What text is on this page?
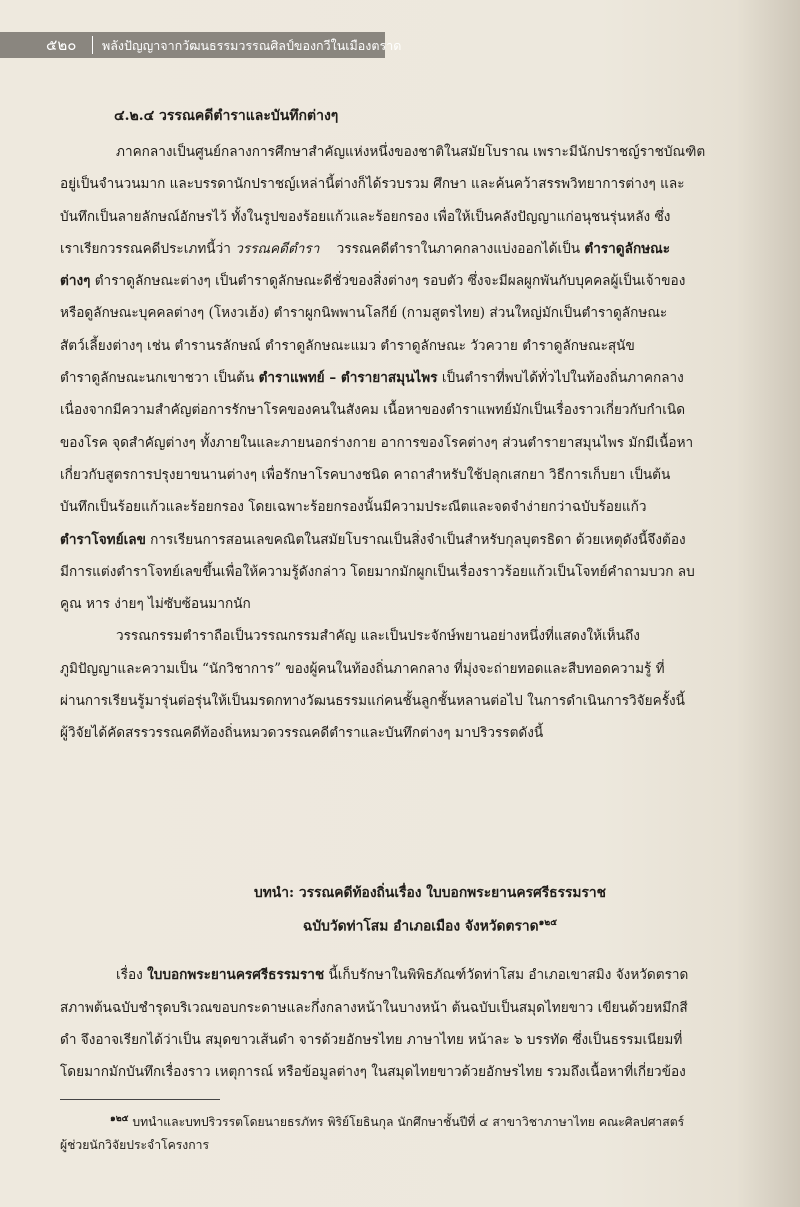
๕๒๐ พลังปัญญาจากวัฒนธรรมวรรณศิลป์ของกวีในเมืองตราด
๔.๒.๔ วรรณคดีตำราและบันทึกต่างๆ
ภาคกลางเป็นศูนย์กลางการศึกษาสำคัญแห่งหนึ่งของชาติในสมัยโบราณ เพราะมีนักปราชญ์ราชบัณฑิต
อยู่เป็นจำนวนมาก และบรรดานักปราชญ์เหล่านี้ต่างก็ได้รวบรวม ศึกษา และค้นคว้าสรรพวิทยาการต่างๆ และ
บันทึกเป็นลายลักษณ์อักษรไว้ ทั้งในรูปของร้อยแก้วและร้อยกรอง เพื่อให้เป็นคลังปัญญาแก่อนุชนรุ่นหลัง ซึ่ง
เราเรียกวรรณคดีประเภทนี้ว่า วรรณคดีตำรา    วรรณคดีตำราในภาคกลางแบ่งออกได้เป็น ตำราดูลักษณะ
ต่างๆ ตำราดูลักษณะต่างๆ เป็นตำราดูลักษณะดีชั่วของสิ่งต่างๆ รอบตัว ซึ่งจะมีผลผูกพันกับบุคคลผู้เป็นเจ้าของ
หรือดูลักษณะบุคคลต่างๆ (โหงวเฮ้ง) ตำราผูกนิพพานโลกีย์ (กามสูตรไทย) ส่วนใหญ่มักเป็นตำราดูลักษณะ
สัตว์เลี้ยงต่างๆ เช่น ตำรานรลักษณ์ ตำราดูลักษณะแมว ตำราดูลักษณะ วัวควาย ตำราดูลักษณะสุนัข
ตำราดูลักษณะนกเขาชวา เป็นต้น ตำราแพทย์ – ตำรายาสมุนไพร เป็นตำราที่พบได้ทั่วไปในท้องถิ่นภาคกลาง
เนื่องจากมีความสำคัญต่อการรักษาโรคของคนในสังคม เนื้อหาของตำราแพทย์มักเป็นเรื่องราวเกี่ยวกับกำเนิด
ของโรค จุดสำคัญต่างๆ ทั้งภายในและภายนอกร่างกาย อาการของโรคต่างๆ ส่วนตำรายาสมุนไพร มักมีเนื้อหา
เกี่ยวกับสูตรการปรุงยาขนานต่างๆ เพื่อรักษาโรคบางชนิด คาถาสำหรับใช้ปลุกเสกยา วิธีการเก็บยา เป็นต้น
บันทึกเป็นร้อยแก้วและร้อยกรอง โดยเฉพาะร้อยกรองนั้นมีความประณีตและจดจำง่ายกว่าฉบับร้อยแก้ว
ตำราโจทย์เลข การเรียนการสอนเลขคณิตในสมัยโบราณเป็นสิ่งจำเป็นสำหรับกุลบุตรธิดา ด้วยเหตุดังนี้จึงต้อง
มีการแต่งตำราโจทย์เลขขึ้นเพื่อให้ความรู้ดังกล่าว โดยมากมักผูกเป็นเรื่องราวร้อยแก้วเป็นโจทย์คำถามบวก ลบ
คูณ หาร ง่ายๆ ไม่ซับซ้อนมากนัก
วรรณกรรมตำราถือเป็นวรรณกรรมสำคัญ และเป็นประจักษ์พยานอย่างหนึ่งที่แสดงให้เห็นถึง
ภูมิปัญญาและความเป็น “นักวิชาการ” ของผู้คนในท้องถิ่นภาคกลาง ที่มุ่งจะถ่ายทอดและสืบทอดความรู้ ที่
ผ่านการเรียนรู้มารุ่นต่อรุ่นให้เป็นมรดกทางวัฒนธรรมแก่คนชั้นลูกชั้นหลานต่อไป ในการดำเนินการวิจัยครั้งนี้
ผู้วิจัยได้คัดสรรวรรณคดีท้องถิ่นหมวดวรรณคดีตำราและบันทึกต่างๆ มาปริวรรตดังนี้
บทนำ: วรรณคดีท้องถิ่นเรื่อง ใบบอกพระยานครศรีธรรมราช
ฉบับวัดท่าโสม อำเภอเมือง จังหวัดตราด$^{๑๒๕}$
เรื่อง ใบบอกพระยานครศรีธรรมราช นี้เก็บรักษาในพิพิธภัณฑ์วัดท่าโสม อำเภอเขาสมิง จังหวัดตราด
สภาพต้นฉบับชำรุดบริเวณขอบกระดาษและกึ่งกลางหน้าในบางหน้า ต้นฉบับเป็นสมุดไทยขาว เขียนด้วยหมึกสี
ดำ จึงอาจเรียกได้ว่าเป็น สมุดขาวเส้นดำ จารด้วยอักษรไทย ภาษาไทย หน้าละ ๖ บรรทัด ซึ่งเป็นธรรมเนียมที่
โดยมากมักบันทึกเรื่องราว เหตุการณ์ หรือข้อมูลต่างๆ ในสมุดไทยขาวด้วยอักษรไทย รวมถึงเนื้อหาที่เกี่ยวข้อง
$^{๑๒๕}$ บทนำและบทปริวรรตโดยนายธรภัทร พิริย์โยธินกุล นักศึกษาชั้นปีที่ ๔ สาขาวิชาภาษาไทย คณะศิลปศาสตร์
ผู้ช่วยนักวิจัยประจำโครงการ
